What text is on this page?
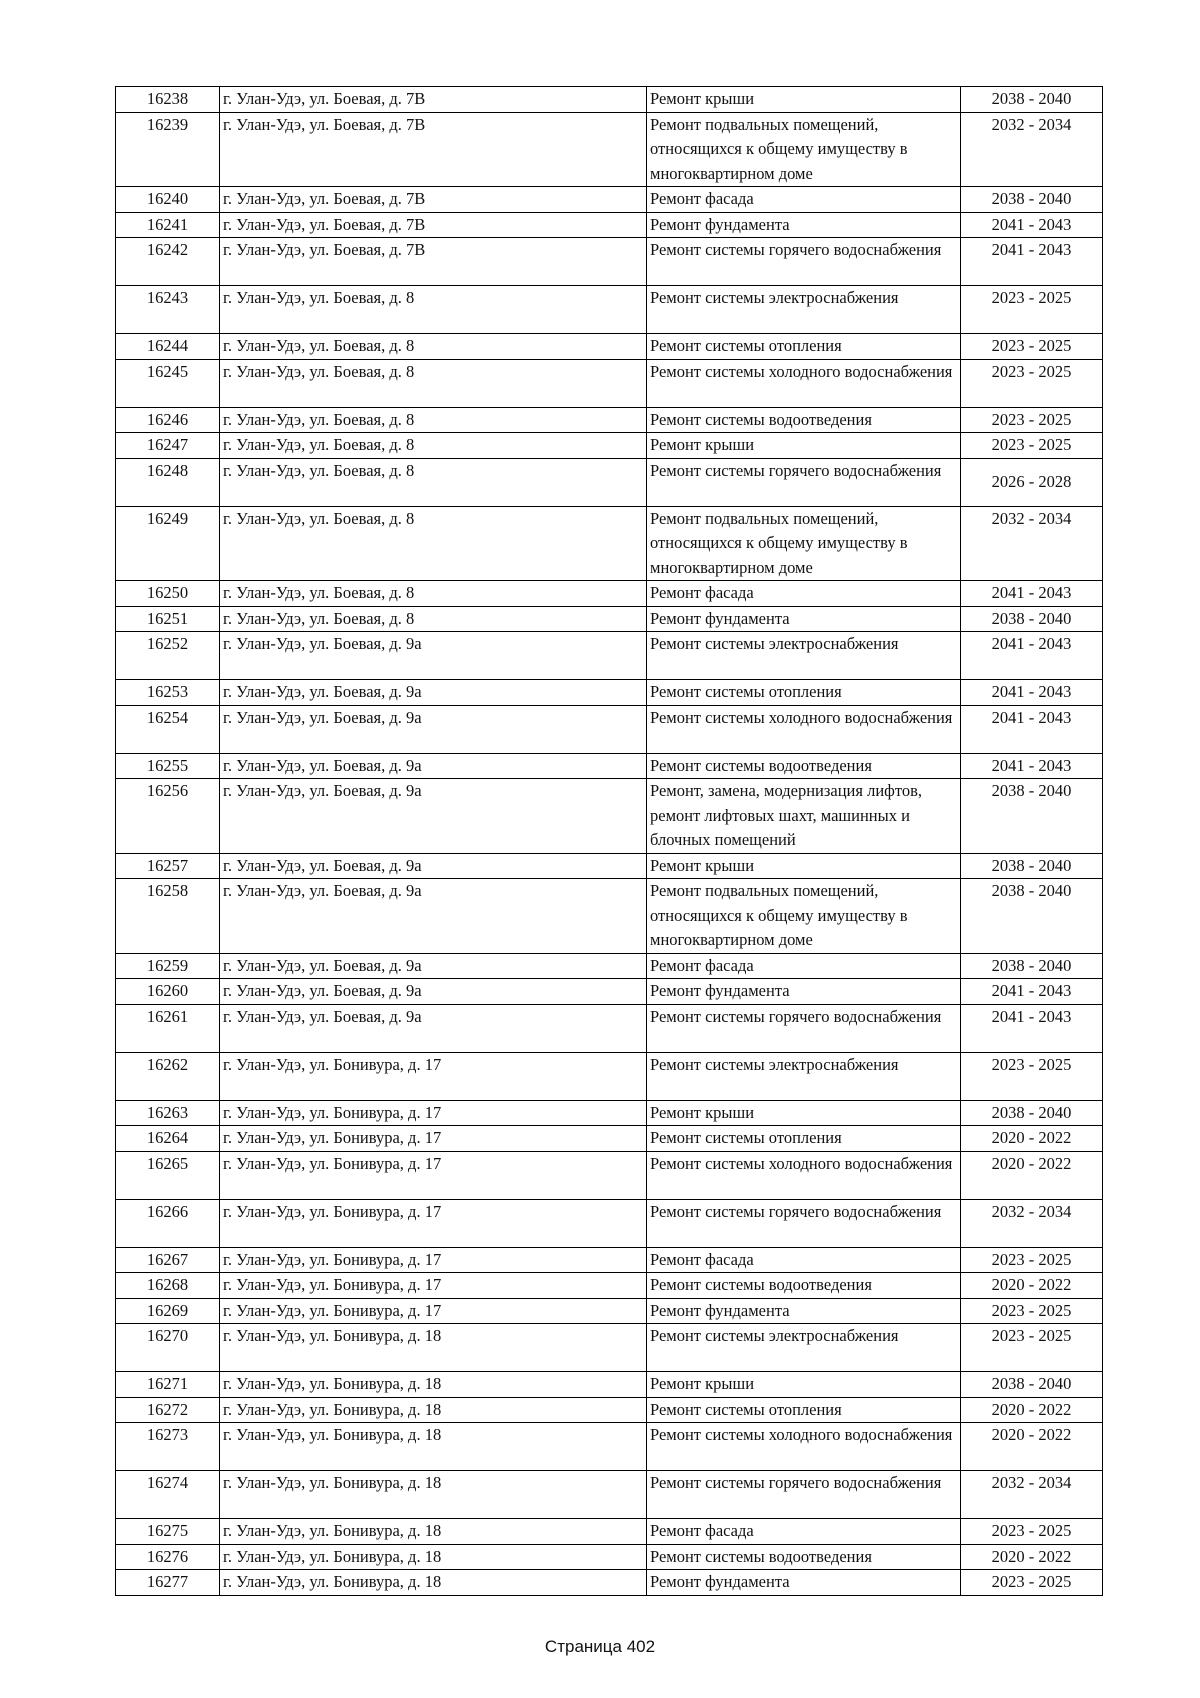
16238	г. Улан-Удэ, ул. Боевая, д. 7В	Ремонт крыши	2038 - 2040
16239	г. Улан-Удэ, ул. Боевая, д. 7В	Ремонт подвальных помещений, относящихся к общему имуществу в многоквартирном доме	2032 - 2034
16240	г. Улан-Удэ, ул. Боевая, д. 7В	Ремонт фасада	2038 - 2040
16241	г. Улан-Удэ, ул. Боевая, д. 7В	Ремонт фундамента	2041 - 2043
16242	г. Улан-Удэ, ул. Боевая, д. 7В	Ремонт системы горячего водоснабжения	2041 - 2043
16243	г. Улан-Удэ, ул. Боевая, д. 8	Ремонт системы электроснабжения	2023 - 2025
16244	г. Улан-Удэ, ул. Боевая, д. 8	Ремонт системы отопления	2023 - 2025
16245	г. Улан-Удэ, ул. Боевая, д. 8	Ремонт системы холодного водоснабжения	2023 - 2025
16246	г. Улан-Удэ, ул. Боевая, д. 8	Ремонт системы водоотведения	2023 - 2025
16247	г. Улан-Удэ, ул. Боевая, д. 8	Ремонт крыши	2023 - 2025
16248	г. Улан-Удэ, ул. Боевая, д. 8	Ремонт системы горячего водоснабжения	2026 - 2028
16249	г. Улан-Удэ, ул. Боевая, д. 8	Ремонт подвальных помещений, относящихся к общему имуществу в многоквартирном доме	2032 - 2034
16250	г. Улан-Удэ, ул. Боевая, д. 8	Ремонт фасада	2041 - 2043
16251	г. Улан-Удэ, ул. Боевая, д. 8	Ремонт фундамента	2038 - 2040
16252	г. Улан-Удэ, ул. Боевая, д. 9а	Ремонт системы электроснабжения	2041 - 2043
16253	г. Улан-Удэ, ул. Боевая, д. 9а	Ремонт системы отопления	2041 - 2043
16254	г. Улан-Удэ, ул. Боевая, д. 9а	Ремонт системы холодного водоснабжения	2041 - 2043
16255	г. Улан-Удэ, ул. Боевая, д. 9а	Ремонт системы водоотведения	2041 - 2043
16256	г. Улан-Удэ, ул. Боевая, д. 9а	Ремонт, замена, модернизация лифтов, ремонт лифтовых шахт, машинных и блочных помещений	2038 - 2040
16257	г. Улан-Удэ, ул. Боевая, д. 9а	Ремонт крыши	2038 - 2040
16258	г. Улан-Удэ, ул. Боевая, д. 9а	Ремонт подвальных помещений, относящихся к общему имуществу в многоквартирном доме	2038 - 2040
16259	г. Улан-Удэ, ул. Боевая, д. 9а	Ремонт фасада	2038 - 2040
16260	г. Улан-Удэ, ул. Боевая, д. 9а	Ремонт фундамента	2041 - 2043
16261	г. Улан-Удэ, ул. Боевая, д. 9а	Ремонт системы горячего водоснабжения	2041 - 2043
16262	г. Улан-Удэ, ул. Бонивура, д. 17	Ремонт системы электроснабжения	2023 - 2025
16263	г. Улан-Удэ, ул. Бонивура, д. 17	Ремонт крыши	2038 - 2040
16264	г. Улан-Удэ, ул. Бонивура, д. 17	Ремонт системы отопления	2020 - 2022
16265	г. Улан-Удэ, ул. Бонивура, д. 17	Ремонт системы холодного водоснабжения	2020 - 2022
16266	г. Улан-Удэ, ул. Бонивура, д. 17	Ремонт системы горячего водоснабжения	2032 - 2034
16267	г. Улан-Удэ, ул. Бонивура, д. 17	Ремонт фасада	2023 - 2025
16268	г. Улан-Удэ, ул. Бонивура, д. 17	Ремонт системы водоотведения	2020 - 2022
16269	г. Улан-Удэ, ул. Бонивура, д. 17	Ремонт фундамента	2023 - 2025
16270	г. Улан-Удэ, ул. Бонивура, д. 18	Ремонт системы электроснабжения	2023 - 2025
16271	г. Улан-Удэ, ул. Бонивура, д. 18	Ремонт крыши	2038 - 2040
16272	г. Улан-Удэ, ул. Бонивура, д. 18	Ремонт системы отопления	2020 - 2022
16273	г. Улан-Удэ, ул. Бонивура, д. 18	Ремонт системы холодного водоснабжения	2020 - 2022
16274	г. Улан-Удэ, ул. Бонивура, д. 18	Ремонт системы горячего водоснабжения	2032 - 2034
16275	г. Улан-Удэ, ул. Бонивура, д. 18	Ремонт фасада	2023 - 2025
16276	г. Улан-Удэ, ул. Бонивура, д. 18	Ремонт системы водоотведения	2020 - 2022
16277	г. Улан-Удэ, ул. Бонивура, д. 18	Ремонт фундамента	2023 - 2025
Страница 402
